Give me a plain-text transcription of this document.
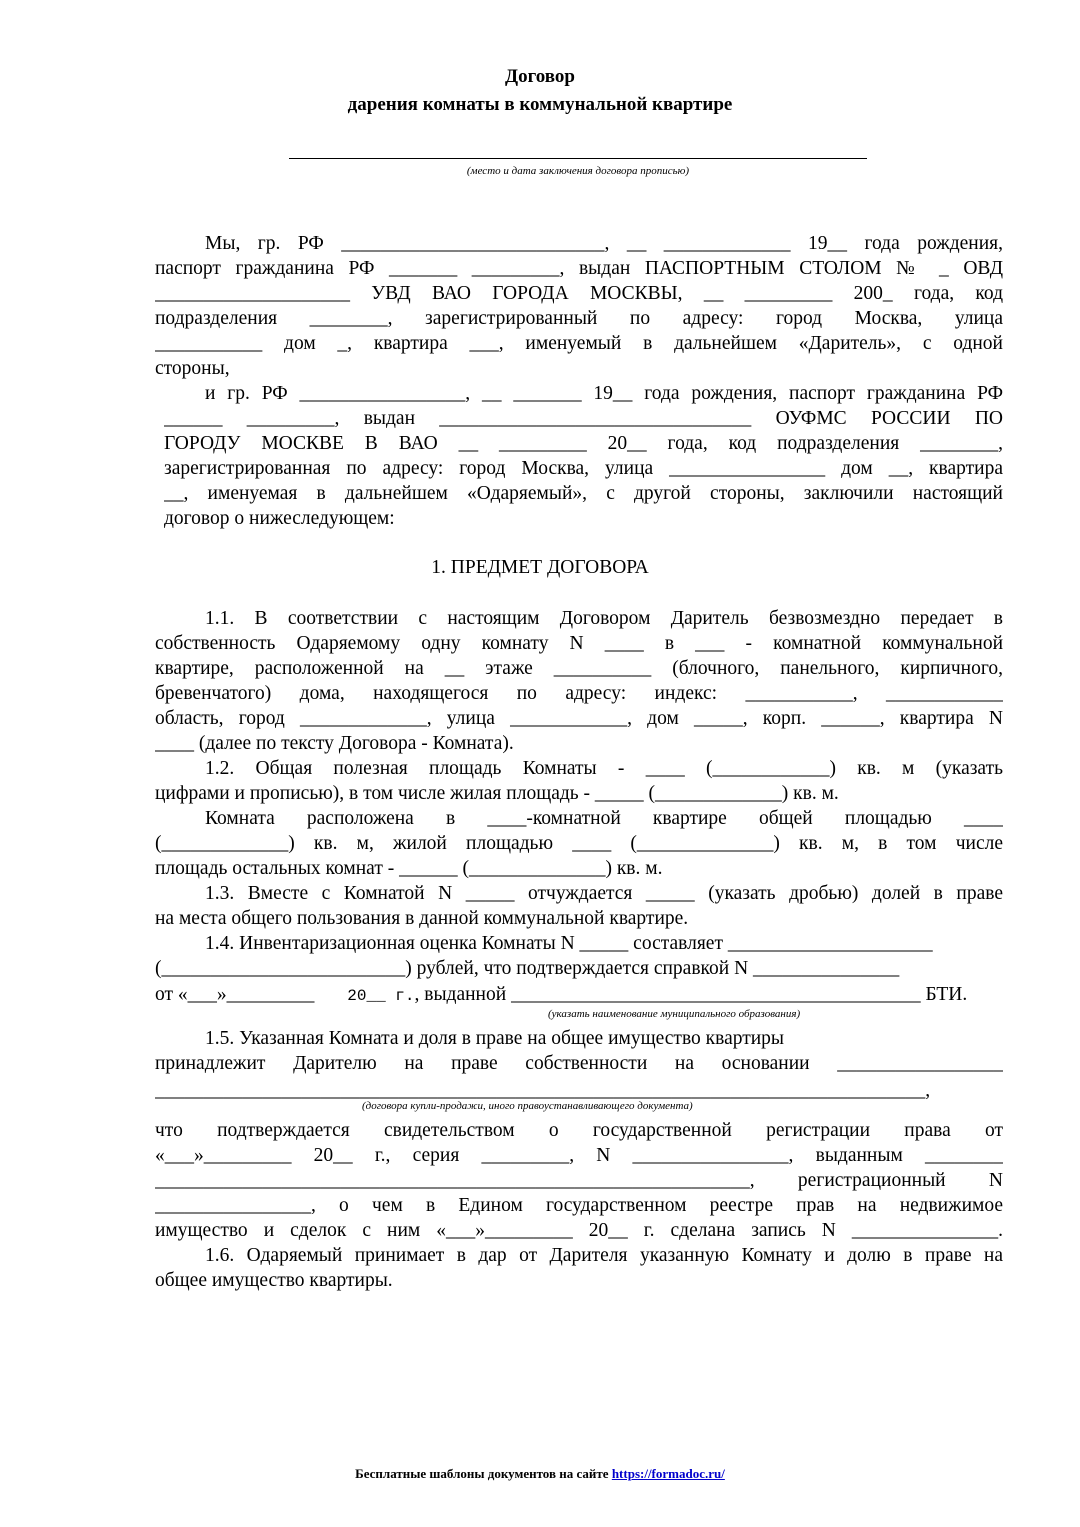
Договор
дарения комнаты в коммунальной квартире
(место и дата заключения договора прописью)
Мы, гр. РФ ___________________________, __ _____________ 19__ года рождения,
паспорт гражданина РФ _______ _________, выдан ПАСПОРТНЫМ СТОЛОМ № _ ОВД
____________________ УВД ВАО ГОРОДА МОСКВЫ, __ _________ 200_ года, код
подразделения ________, зарегистрированный по адресу: город Москва, улица
___________ дом _, квартира ___, именуемый в дальнейшем «Даритель», с одной
стороны,
и гр. РФ _________________, __ _______ 19__ года рождения, паспорт гражданина РФ
______ _________, выдан ________________________________ ОУФМС РОССИИ ПО
ГОРОДУ МОСКВЕ В ВАО __ _________ 20__ года, код подразделения ________,
зарегистрированная по адресу: город Москва, улица ________________ дом __, квартира
__, именуемая в дальнейшем «Одаряемый», с другой стороны, заключили настоящий
договор о нижеследующем:
1. ПРЕДМЕТ ДОГОВОРА
1.1. В соответствии с настоящим Договором Даритель безвозмездно передает в
собственность Одаряемому одну комнату N ____ в ___ - комнатной коммунальной
квартире, расположенной на __ этаже __________ (блочного, панельного, кирпичного,
бревенчатого) дома, находящегося по адресу: индекс: ___________, ____________
область, город _____________, улица ____________, дом _____, корп. ______, квартира N
____ (далее по тексту Договора - Комната).
1.2. Общая полезная площадь Комнаты - ____ (____________) кв. м (указать
цифрами и прописью), в том числе жилая площадь - _____ (_____________) кв. м.
Комната расположена в ____-комнатной квартире общей площадью ____
(_____________) кв. м, жилой площадью ____ (______________) кв. м, в том числе
площадь остальных комнат - ______ (______________) кв. м.
1.3. Вместе с Комнатой N _____ отчуждается _____ (указать дробью) долей в праве
на места общего пользования в данной коммунальной квартире.
1.4. Инвентаризационная оценка Комнаты N _____ составляет _____________________
(_________________________) рублей, что подтверждается справкой N _______________
от «___»_________ 20__ г., выданной __________________________________________ БТИ.
(указать наименование муниципального образования)
1.5. Указанная Комната и доля в праве на общее имущество квартиры
принадлежит Дарителю на праве собственности на основании _________________
_______________________________________________________________________________,
(договора купли-продажи, иного правоустанавливающего документа)
что подтверждается свидетельством о государственной регистрации права от
«___»_________ 20__ г., серия _________, N ________________, выданным ________
_____________________________________________________________, регистрационный N
________________, о чем в Едином государственном реестре прав на недвижимое
имущество и сделок с ним «___»_________ 20__ г. сделана запись N _______________.
1.6. Одаряемый принимает в дар от Дарителя указанную Комнату и долю в праве на
общее имущество квартиры.
Бесплатные шаблоны документов на сайте https://formadoc.ru/
